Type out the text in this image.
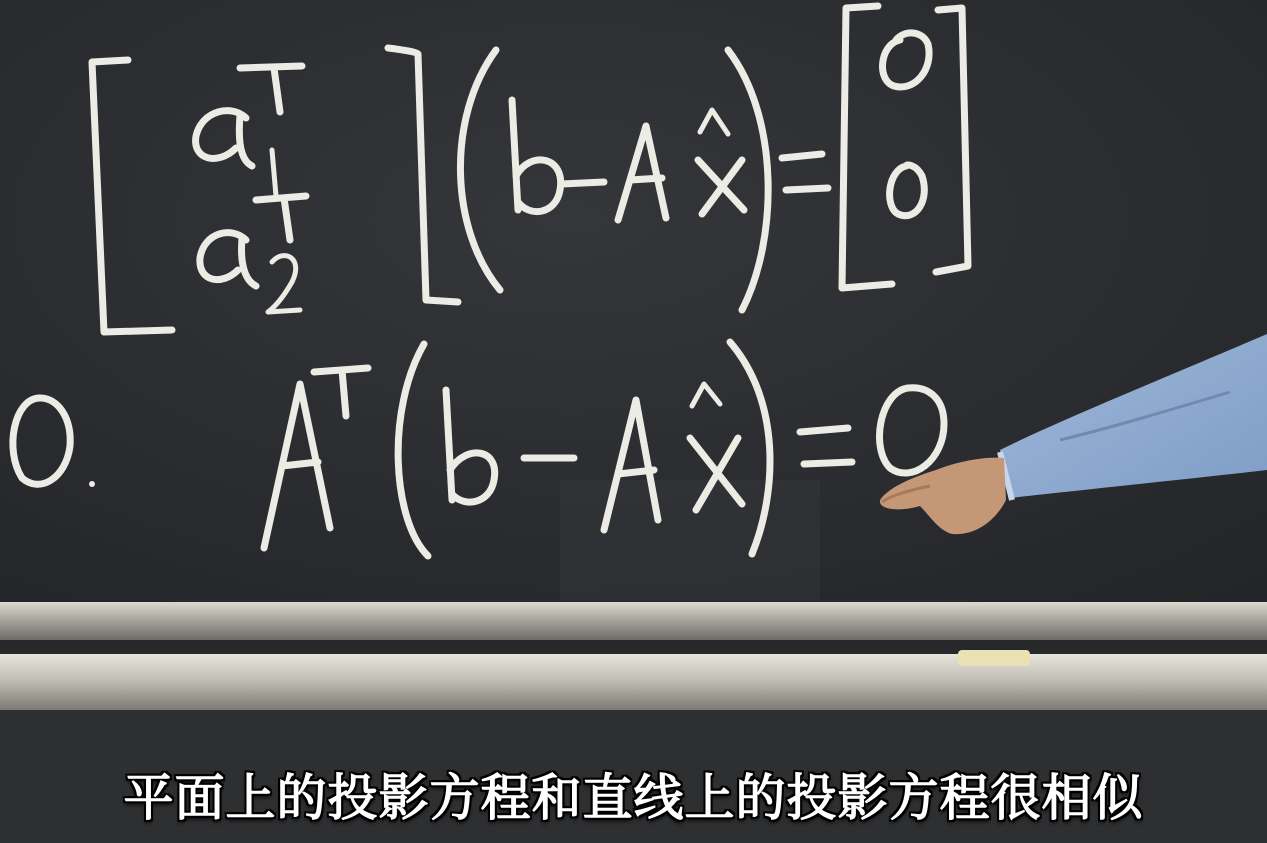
平面上的投影方程和直线上的投影方程很相似
